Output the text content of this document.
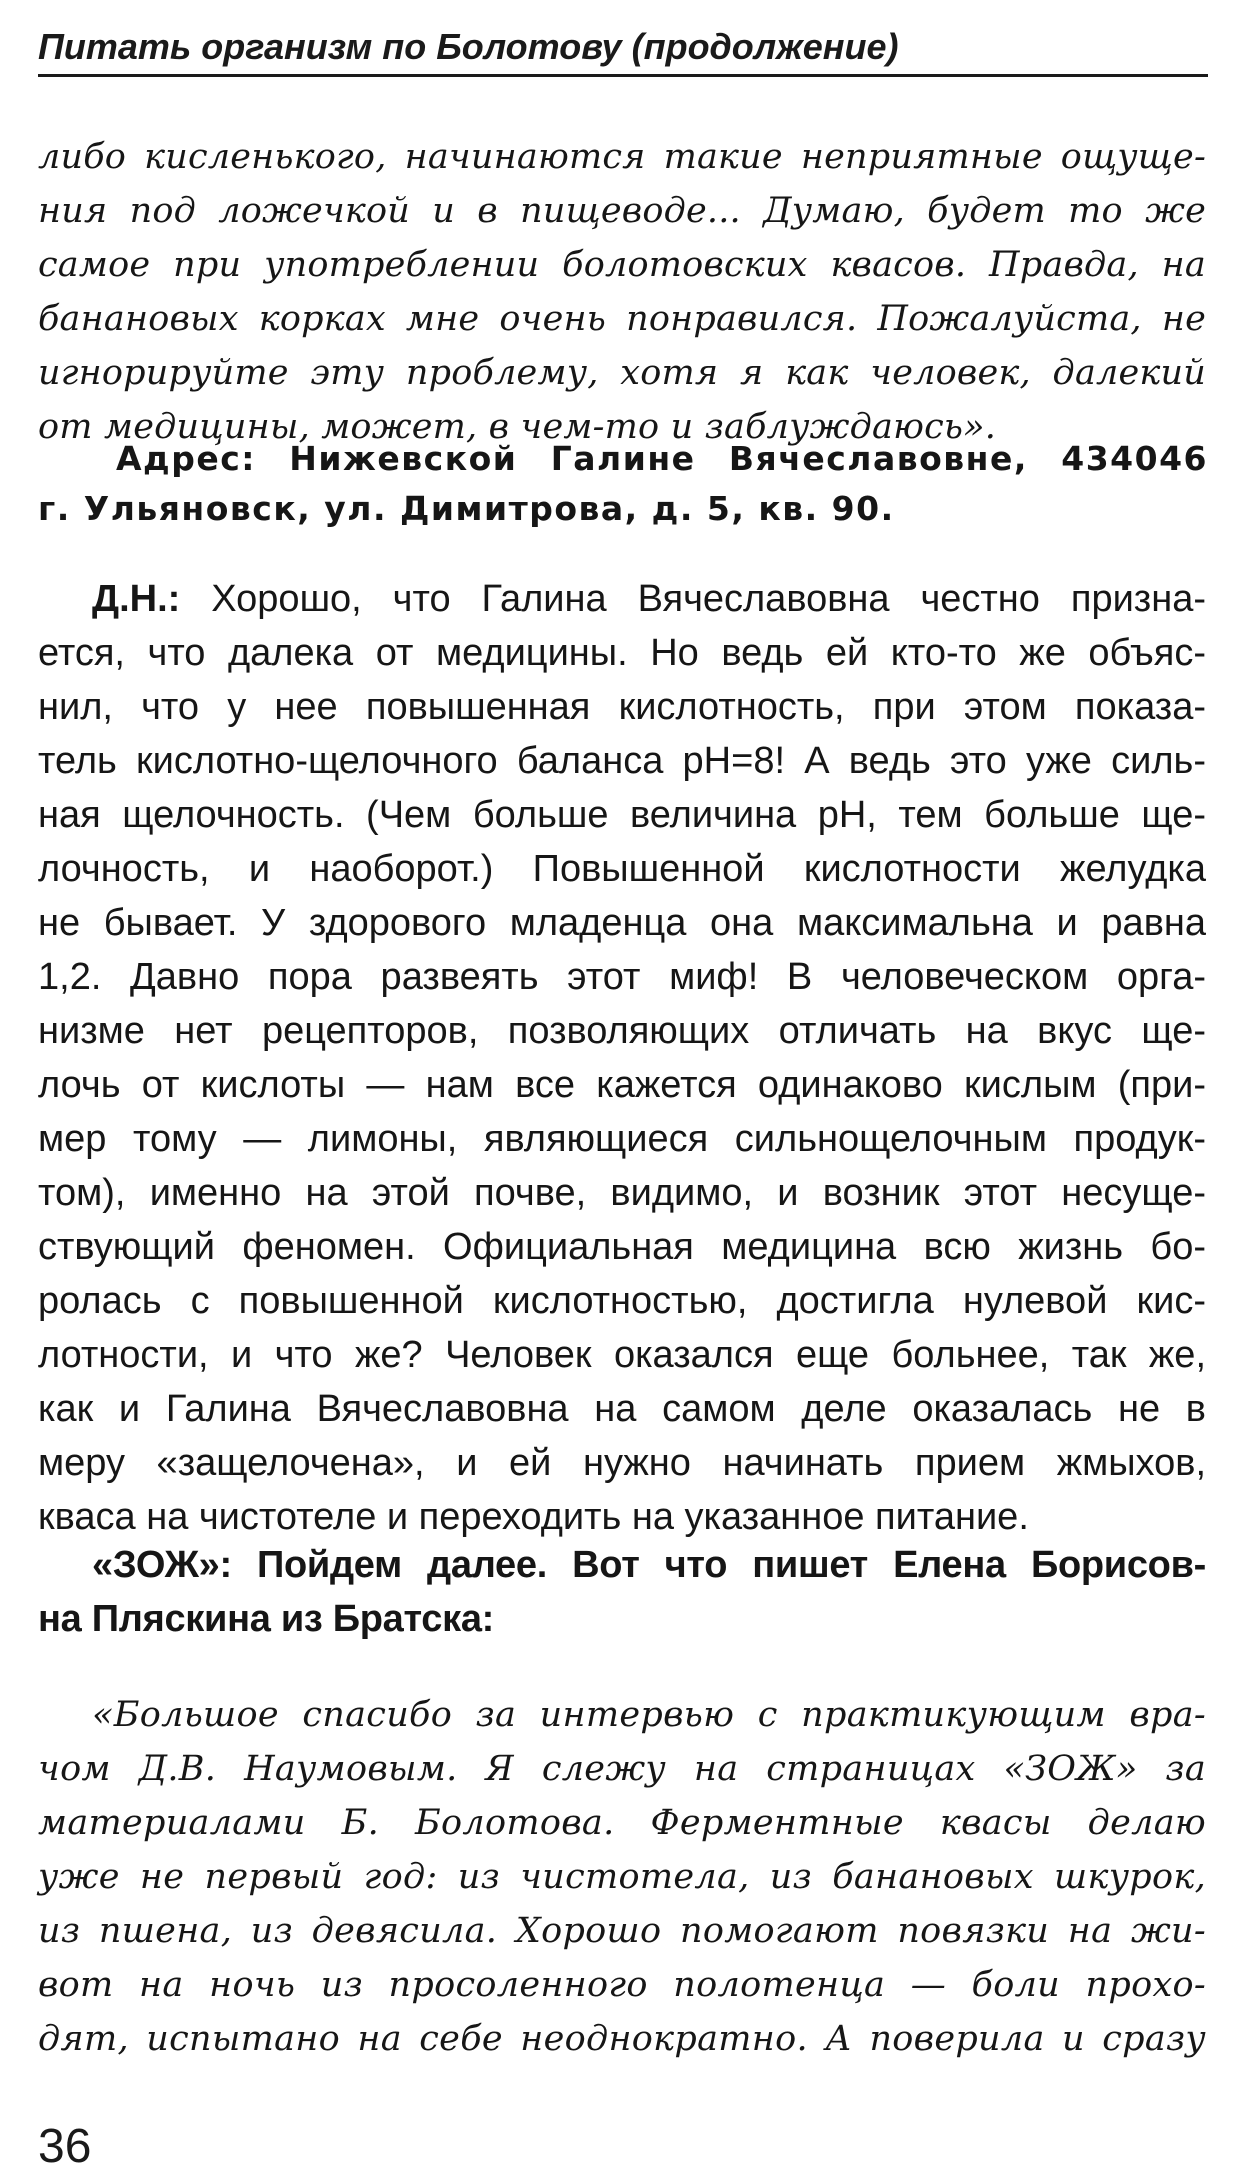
Питать организм по Болотову (продолжение)
либо кисленького, начинаются такие неприятные ощуще-
ния под ложечкой и в пищеводе... Думаю, будет то же
самое при употреблении болотовских квасов. Правда, на
банановых корках мне очень понравился. Пожалуйста, не
игнорируйте эту проблему, хотя я как человек, далекий
от медицины, может, в чем-то и заблуждаюсь».
Адрес: Нижевской Галине Вячеславовне, 434046
г. Ульяновск, ул. Димитрова, д. 5, кв. 90.
Д.Н.: Хорошо, что Галина Вячеславовна честно призна-
ется, что далека от медицины. Но ведь ей кто-то же объяс-
нил, что у нее повышенная кислотность, при этом показа-
тель кислотно-щелочного баланса pH=8! А ведь это уже силь-
ная щелочность. (Чем больше величина pH, тем больше ще-
лочность, и наоборот.) Повышенной кислотности желудка
не бывает. У здорового младенца она максимальна и равна
1,2. Давно пора развеять этот миф! В человеческом орга-
низме нет рецепторов, позволяющих отличать на вкус ще-
лочь от кислоты — нам все кажется одинаково кислым (при-
мер тому — лимоны, являющиеся сильнощелочным продук-
том), именно на этой почве, видимо, и возник этот несуще-
ствующий феномен. Официальная медицина всю жизнь бо-
ролась с повышенной кислотностью, достигла нулевой кис-
лотности, и что же? Человек оказался еще больнее, так же,
как и Галина Вячеславовна на самом деле оказалась не в
меру «защелочена», и ей нужно начинать прием жмыхов,
кваса на чистотеле и переходить на указанное питание.
«ЗОЖ»: Пойдем далее. Вот что пишет Елена Борисов-
на Пляскина из Братска:
«Большое спасибо за интервью с практикующим вра-
чом Д.В. Наумовым. Я слежу на страницах «ЗОЖ» за
материалами Б. Болотова. Ферментные квасы делаю
уже не первый год: из чистотела, из банановых шкурок,
из пшена, из девясила. Хорошо помогают повязки на жи-
вот на ночь из просоленного полотенца — боли прохо-
дят, испытано на себе неоднократно. А поверила и сразу
36
